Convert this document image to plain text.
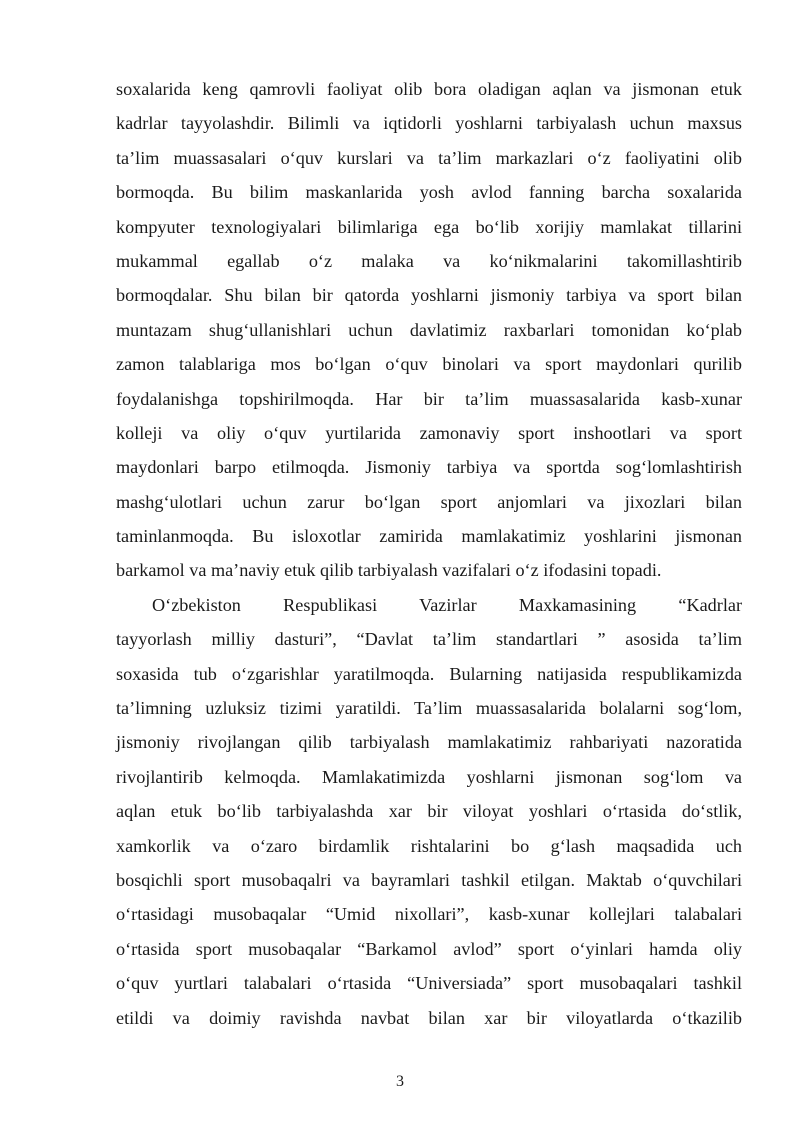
soxalarida keng qamrovli faoliyat olib bora oladigan aqlan va jismonan etuk
kadrlar tayyolashdir. Bilimli va iqtidorli yoshlarni tarbiyalash uchun maxsus
ta’lim muassasalari o‘quv kurslari va ta’lim markazlari o‘z faoliyatini olib
bormoqda. Bu bilim maskanlarida yosh avlod fanning barcha soxalarida
kompyuter texnologiyalari bilimlariga ega bo‘lib xorijiy mamlakat tillarini
mukammal egallab o‘z malaka va ko‘nikmalarini takomillashtirib
bormoqdalar. Shu bilan bir qatorda yoshlarni jismoniy tarbiya va sport bilan
muntazam shug‘ullanishlari uchun davlatimiz raxbarlari tomonidan ko‘plab
zamon talablariga mos bo‘lgan o‘quv binolari va sport maydonlari qurilib
foydalanishga topshirilmoqda. Har bir ta’lim muassasalarida kasb-xunar
kolleji va oliy o‘quv yurtilarida zamonaviy sport inshootlari va sport
maydonlari barpo etilmoqda. Jismoniy tarbiya va sportda sog‘lomlashtirish
mashg‘ulotlari uchun zarur bo‘lgan sport anjomlari va jixozlari bilan
taminlanmoqda. Bu isloxotlar zamirida mamlakatimiz yoshlarini jismonan
barkamol va ma’naviy etuk qilib tarbiyalash vazifalari o‘z ifodasini topadi.
O‘zbekiston Respublikasi Vazirlar Maxkamasining “Kadrlar
tayyorlash milliy dasturi”, “Davlat ta’lim standartlari ” asosida ta’lim
soxasida tub o‘zgarishlar yaratilmoqda. Bularning natijasida respublikamizda
ta’limning uzluksiz tizimi yaratildi. Ta’lim muassasalarida bolalarni sog‘lom,
jismoniy rivojlangan qilib tarbiyalash mamlakatimiz rahbariyati nazoratida
rivojlantirib kelmoqda. Mamlakatimizda yoshlarni jismonan sog‘lom va
aqlan etuk bo‘lib tarbiyalashda xar bir viloyat yoshlari o‘rtasida do‘stlik,
xamkorlik va o‘zaro birdamlik rishtalarini bo g‘lash maqsadida uch
bosqichli sport musobaqalri va bayramlari tashkil etilgan. Maktab o‘quvchilari
o‘rtasidagi musobaqalar “Umid nixollari”, kasb-xunar kollejlari talabalari
o‘rtasida sport musobaqalar “Barkamol avlod” sport o‘yinlari hamda oliy
o‘quv yurtlari talabalari o‘rtasida “Universiada” sport musobaqalari tashkil
etildi va doimiy ravishda navbat bilan xar bir viloyatlarda o‘tkazilib
3
